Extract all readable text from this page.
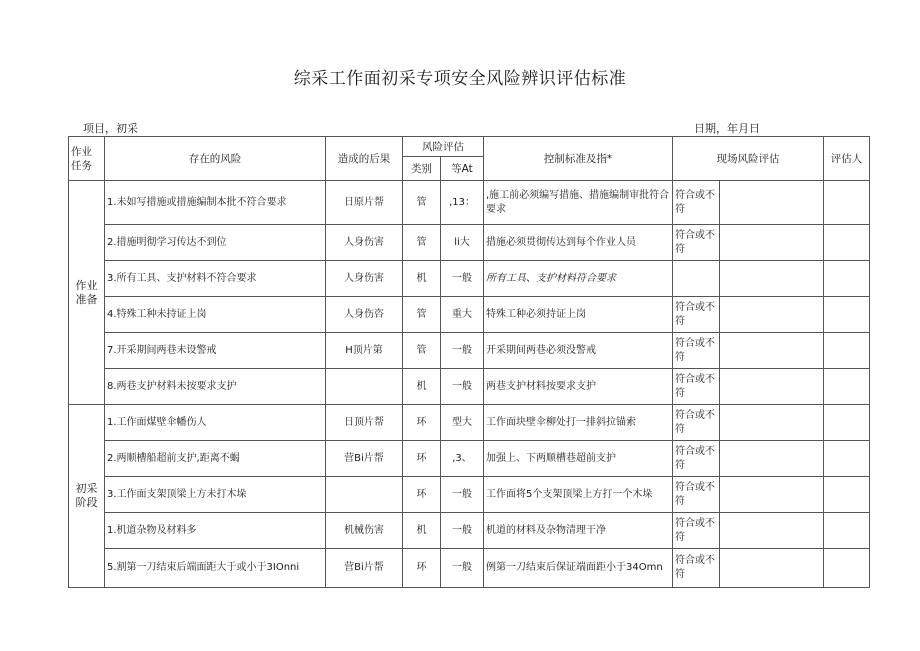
综采工作面初采专项安全风险辨识评估标准
项目，初采	日期，年月日
作业任务	存在的风险	造成的后果	风险评估		控制标准及指*	现场风险评估		评估人
			类别	等At				
作业准备	1.未如写措施或措施编制本批不符合要求	日原片帮	管	,13：	,施工前必须编写措施、措施编制审批符合要求	符合或不符		
	2.措施明彻学习传达不到位	人身伤害	管	li大	措施必须贯彻传达到每个作业人员	符合或不符		
	3.所有工具、支护材料不符合要求	人身伤害	机	一般	所有工具、支护材料符合要求			
	4.特殊工种未持证上岗	人身伤咨	管	重大	特殊工种必须持证上岗	符合或不符		
	7.开采期间两巷未设警戒	H顶片第	管	一般	开采期间两巷必须没警戒	符合或不符		
	8.两巷支护材料未按要求支护		机	一般	两巷支护材料按要求支护	符合或不符		
初采阶段	1.工作面煤壁伞幡伤人	日顶片帮	环	型大	工作面块壁伞柳处打一排斜拉锚索	符合或不符		
	2.两顺槽船超前支护,距离不蝎	营Bi片帮	环	,3、	加强上、下两顺槽巷超前支护	符合或不符		
	3.工作面支架顶梁上方未打木垛		环	一般	工作面将5个支架顶梁上方打一个木垛	符合或不符		
	1.机道杂物及材料多	机械伤害	机	一般	机道的材料及杂物清理干净	符合或不符		
	5.割第一刀结束后端面距大于或小于3IOnni	营Bi片帮	环	一般	例第一刀结束后保证端面距小于34Omn	符合或不符		
